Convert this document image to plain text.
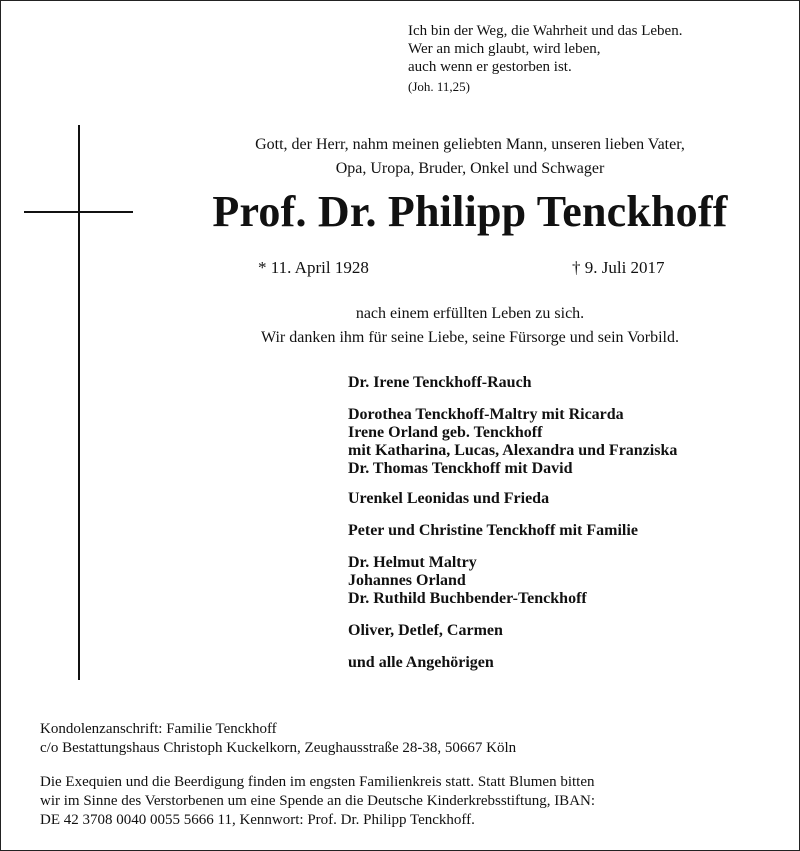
Ich bin der Weg, die Wahrheit und das Leben.
Wer an mich glaubt, wird leben,
auch wenn er gestorben ist.
(Joh. 11,25)
Gott, der Herr, nahm meinen geliebten Mann, unseren lieben Vater,
Opa, Uropa, Bruder, Onkel und Schwager
Prof. Dr. Philipp Tenckhoff
* 11. April 1928	† 9. Juli 2017
nach einem erfüllten Leben zu sich.
Wir danken ihm für seine Liebe, seine Fürsorge und sein Vorbild.
Dr. Irene Tenckhoff-Rauch
Dorothea Tenckhoff-Maltry mit Ricarda
Irene Orland geb. Tenckhoff
mit Katharina, Lucas, Alexandra und Franziska
Dr. Thomas Tenckhoff mit David
Urenkel Leonidas und Frieda
Peter und Christine Tenckhoff mit Familie
Dr. Helmut Maltry
Johannes Orland
Dr. Ruthild Buchbender-Tenckhoff
Oliver, Detlef, Carmen
und alle Angehörigen
Kondolenzanschrift: Familie Tenckhoff
c/o Bestattungshaus Christoph Kuckelkorn, Zeughausstraße 28-38, 50667 Köln
Die Exequien und die Beerdigung finden im engsten Familienkreis statt. Statt Blumen bitten
wir im Sinne des Verstorbenen um eine Spende an die Deutsche Kinderkrebsstiftung, IBAN:
DE 42 3708 0040 0055 5666 11, Kennwort: Prof. Dr. Philipp Tenckhoff.
